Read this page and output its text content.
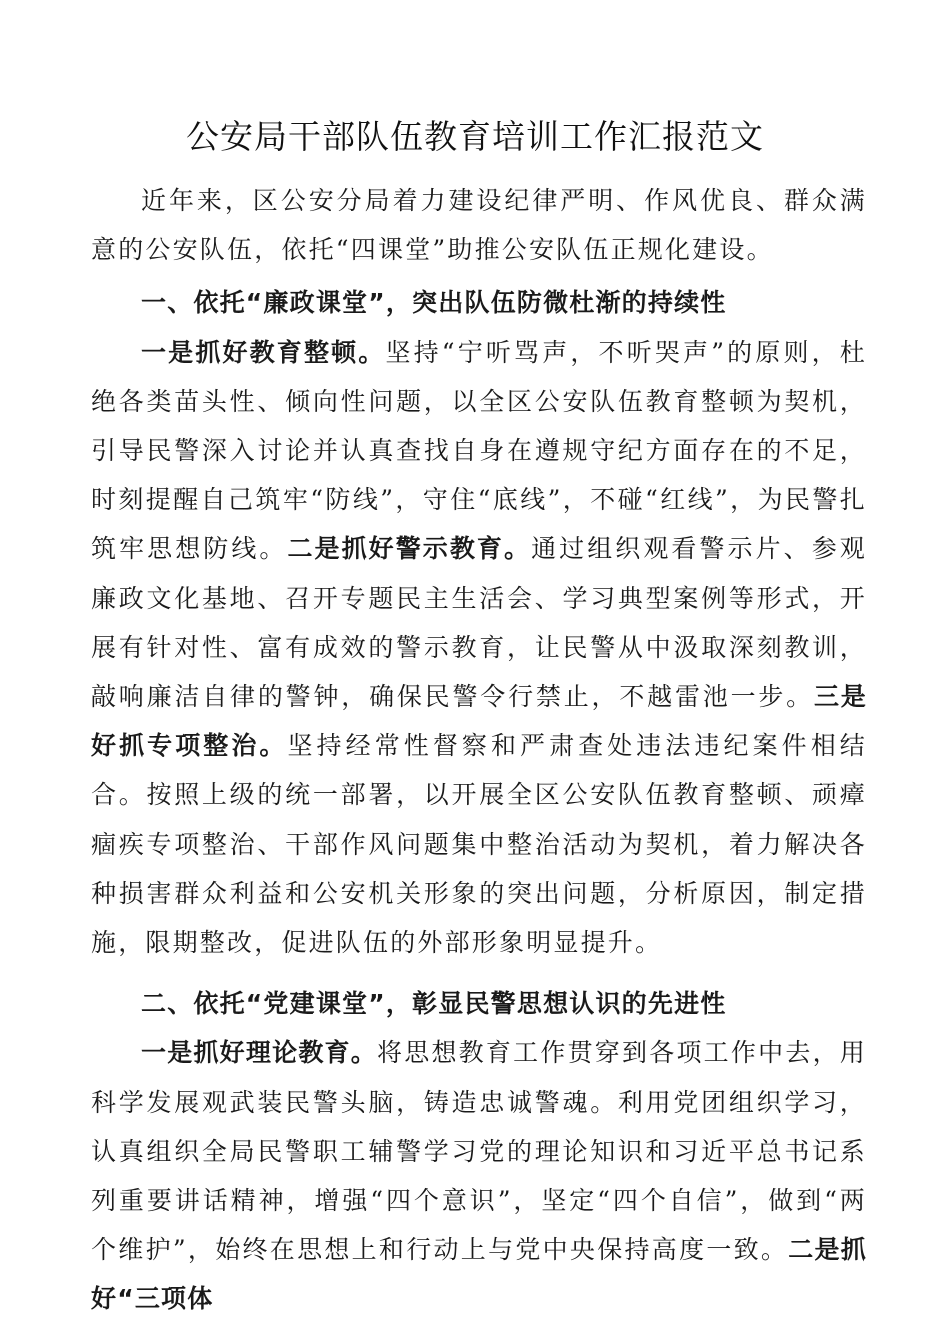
公安局干部队伍教育培训工作汇报范文

近年来，区公安分局着力建设纪律严明、作风优良、群众满意的公安队伍，依托“四课堂”助推公安队伍正规化建设。

一、依托“廉政课堂”，突出队伍防微杜渐的持续性

一是抓好教育整顿。坚持“宁听骂声，不听哭声”的原则，杜绝各类苗头性、倾向性问题，以全区公安队伍教育整顿为契机，引导民警深入讨论并认真查找自身在遵规守纪方面存在的不足，时刻提醒自己筑牢“防线”，守住“底线”，不碰“红线”，为民警扎筑牢思想防线。二是抓好警示教育。通过组织观看警示片、参观廉政文化基地、召开专题民主生活会、学习典型案例等形式，开展有针对性、富有成效的警示教育，让民警从中汲取深刻教训，敲响廉洁自律的警钟，确保民警令行禁止，不越雷池一步。三是好抓专项整治。坚持经常性督察和严肃查处违法违纪案件相结合。按照上级的统一部署，以开展全区公安队伍教育整顿、顽瘴痼疾专项整治、干部作风问题集中整治活动为契机，着力解决各种损害群众利益和公安机关形象的突出问题，分析原因，制定措施，限期整改，促进队伍的外部形象明显提升。

二、依托“党建课堂”，彰显民警思想认识的先进性

一是抓好理论教育。将思想教育工作贯穿到各项工作中去，用科学发展观武装民警头脑，铸造忠诚警魂。利用党团组织学习，认真组织全局民警职工辅警学习党的理论知识和习近平总书记系列重要讲话精神，增强“四个意识”，坚定“四个自信”，做到“两个维护”，始终在思想上和行动上与党中央保持高度一致。二是抓好“三项体
